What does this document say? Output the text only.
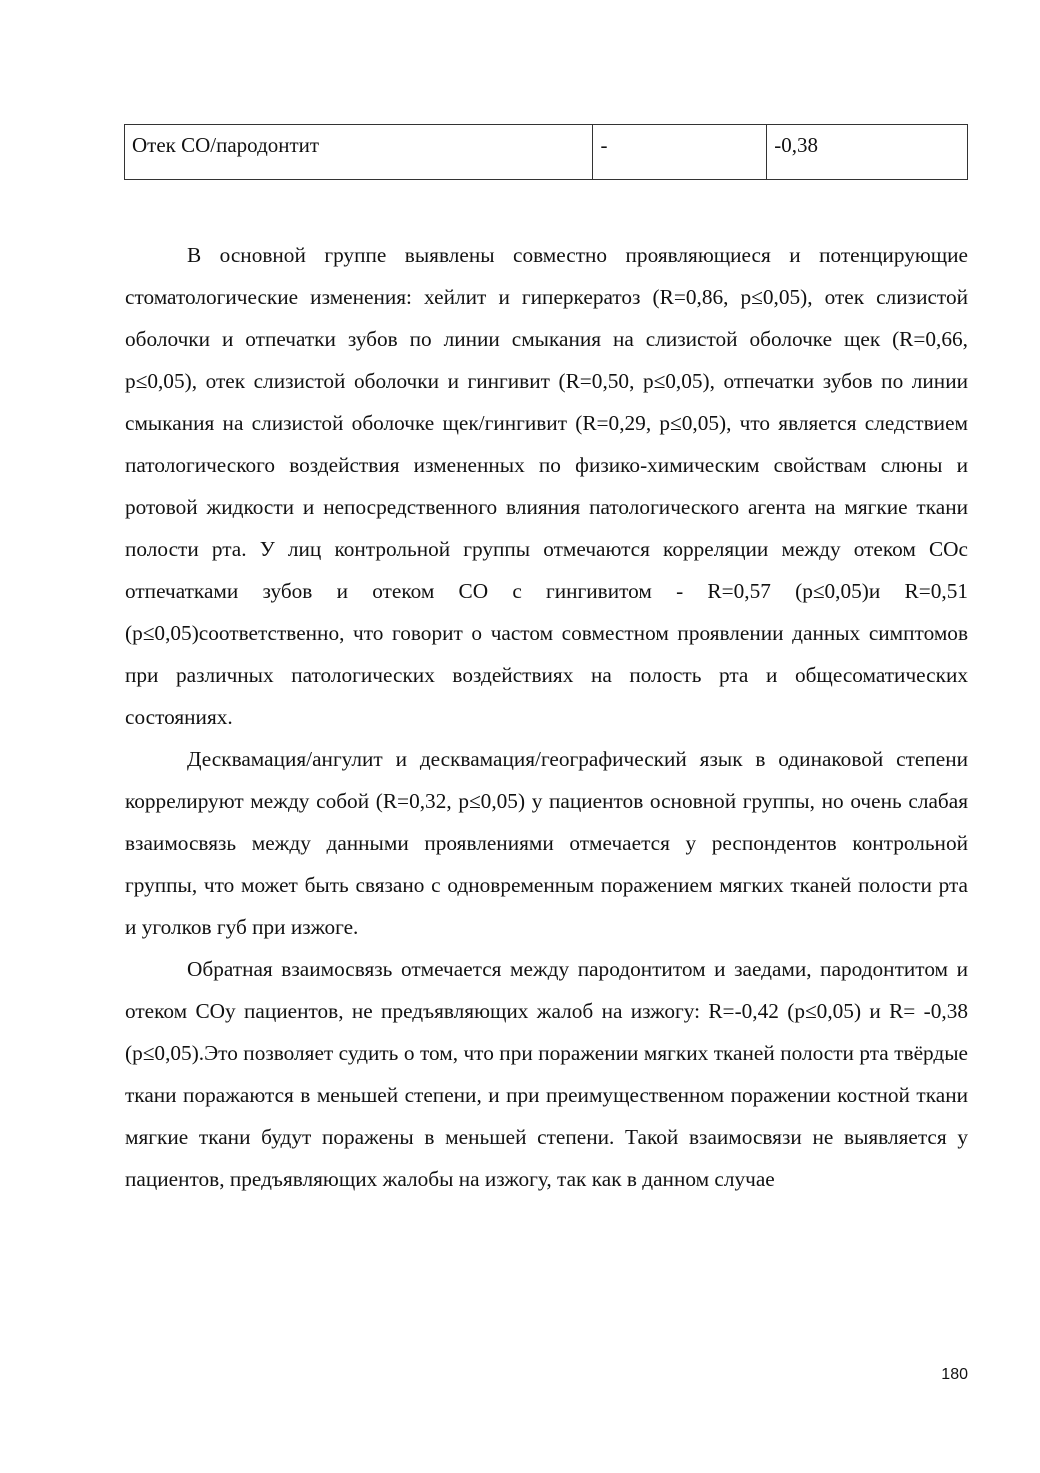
Отек СО/пародонтит	-	-0,38

В основной группе выявлены совместно проявляющиеся и потенцирующие стоматологические изменения: хейлит и гиперкератоз (R=0,86, p≤0,05), отек слизистой оболочки и отпечатки зубов по линии смыкания на слизистой оболочке щек (R=0,66, p≤0,05), отек слизистой оболочки и гингивит (R=0,50, p≤0,05), отпечатки зубов по линии смыкания на слизистой оболочке щек/гингивит (R=0,29, p≤0,05), что является следствием патологического воздействия измененных по физико-химическим свойствам слюны и ротовой жидкости и непосредственного влияния патологического агента на мягкие ткани полости рта. У лиц контрольной группы отмечаются корреляции между отеком СОс отпечатками зубов и отеком СО с гингивитом - R=0,57 (p≤0,05)и R=0,51 (p≤0,05)соответственно, что говорит о частом совместном проявлении данных симптомов при различных патологических воздействиях на полость рта и общесоматических состояниях.

Десквамация/ангулит и десквамация/географический язык в одинаковой степени коррелируют между собой (R=0,32, p≤0,05) у пациентов основной группы, но очень слабая взаимосвязь между данными проявлениями отмечается у респондентов контрольной группы, что может быть связано с одновременным поражением мягких тканей полости рта и уголков губ при изжоге.

Обратная взаимосвязь отмечается между пародонтитом и заедами, пародонтитом и отеком СОу пациентов, не предъявляющих жалоб на изжогу: R=-0,42 (p≤0,05) и R= -0,38 (p≤0,05).Это позволяет судить о том, что при поражении мягких тканей полости рта твёрдые ткани поражаются в меньшей степени, и при преимущественном поражении костной ткани мягкие ткани будут поражены в меньшей степени. Такой взаимосвязи не выявляется у пациентов, предъявляющих жалобы на изжогу, так как в данном случае

180
